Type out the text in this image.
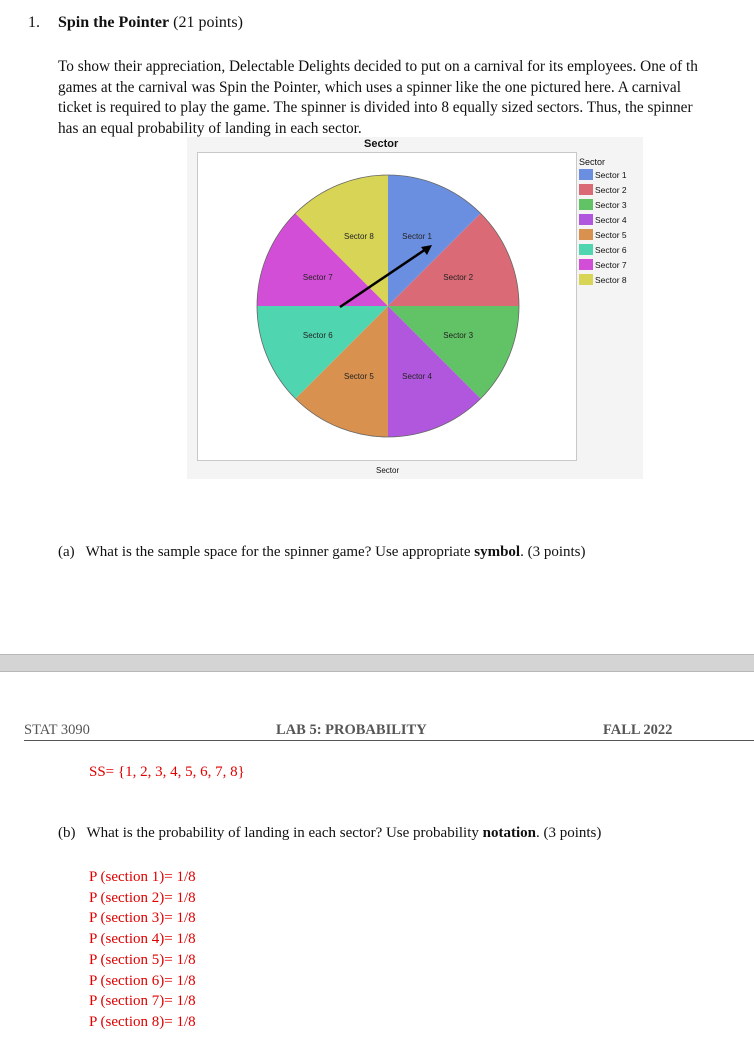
1. Spin the Pointer (21 points)
To show their appreciation, Delectable Delights decided to put on a carnival for its employees. One of th
games at the carnival was Spin the Pointer, which uses a spinner like the one pictured here. A carnival
ticket is required to play the game. The spinner is divided into 8 equally sized sectors. Thus, the spinner
has an equal probability of landing in each sector.
Sector
Sector 1
Sector 2
Sector 3
Sector 4
Sector 5
Sector 6
Sector 7
Sector 8
Sector
Sector
Sector 1
Sector 2
Sector 3
Sector 4
Sector 5
Sector 6
Sector 7
Sector 8
(a) What is the sample space for the spinner game? Use appropriate symbol. (3 points)
STAT 3090	LAB 5: PROBABILITY	FALL 2022
SS= {1, 2, 3, 4, 5, 6, 7, 8}
(b) What is the probability of landing in each sector? Use probability notation. (3 points)
P (section 1)= 1/8
P (section 2)= 1/8
P (section 3)= 1/8
P (section 4)= 1/8
P (section 5)= 1/8
P (section 6)= 1/8
P (section 7)= 1/8
P (section 8)= 1/8
